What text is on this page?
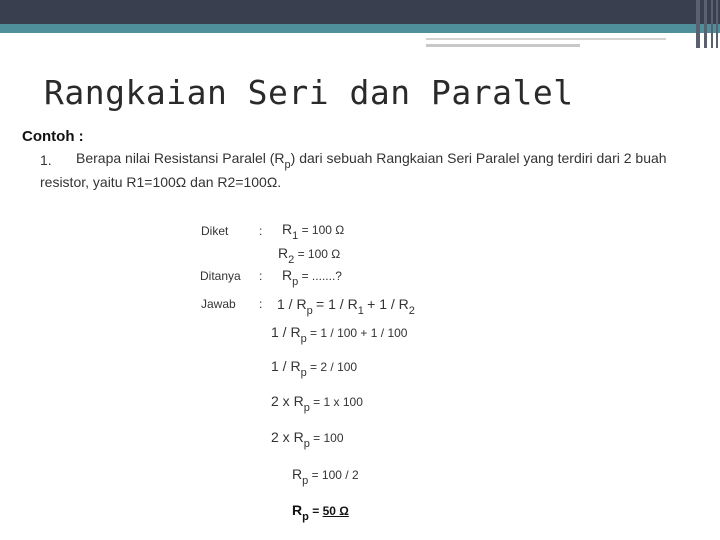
Rangkaian Seri dan Paralel
Contoh :
1. Berapa nilai Resistansi Paralel $(R_p)$ dari sebuah Rangkaian Seri Paralel yang terdiri dari 2 buah
resistor, yaitu R1=100Ω dan R2=100Ω.
Diket	: R1 = 100 Ω
R2 = 100 Ω
Ditanya : Rp = .......?
Jawab : 1 / Rp = 1 / R1 + 1 / R2
1 / Rp = 1 / 100 + 1 / 100
1 / Rp = 2 / 100
2 x Rp = 1 x 100
2 x Rp = 100
Rp = 100 / 2
Rp = 50 Ω
